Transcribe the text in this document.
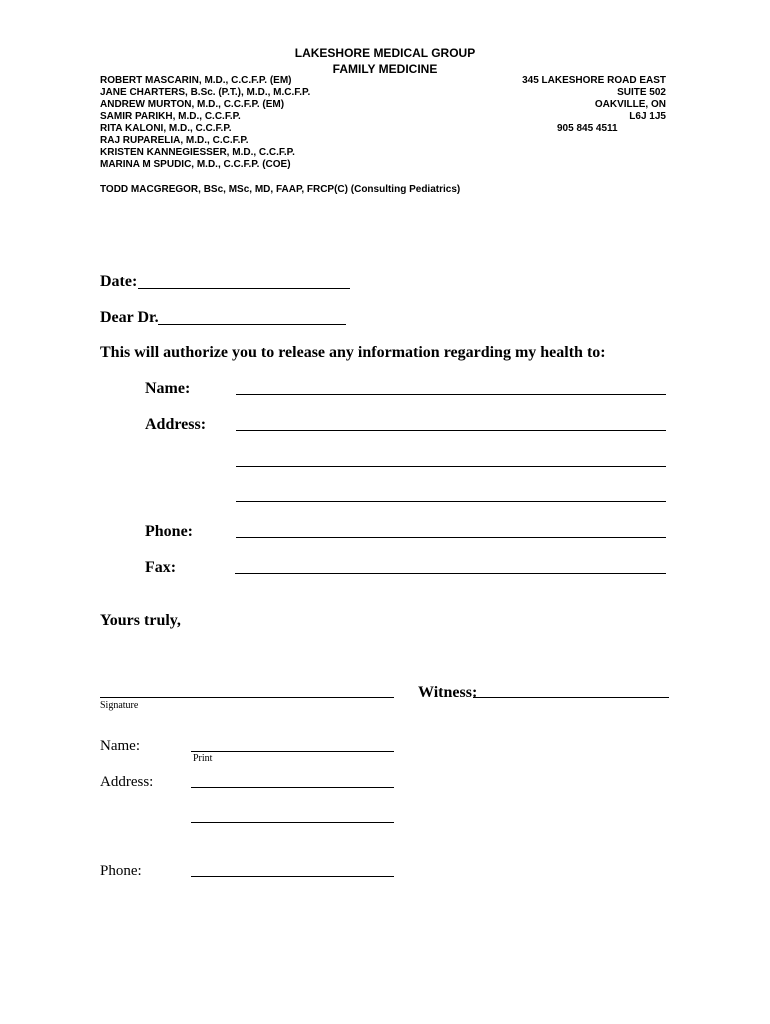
LAKESHORE MEDICAL GROUP
FAMILY MEDICINE
ROBERT MASCARIN, M.D., C.C.F.P. (EM)
JANE CHARTERS, B.Sc. (P.T.), M.D., M.C.F.P.
ANDREW MURTON, M.D., C.C.F.P. (EM)
SAMIR PARIKH, M.D., C.C.F.P.
RITA KALONI, M.D., C.C.F.P.
RAJ RUPARELIA, M.D., C.C.F.P.
KRISTEN KANNEGIESSER, M.D., C.C.F.P.
MARINA M SPUDIC, M.D., C.C.F.P. (COE)
TODD MACGREGOR, BSc, MSc, MD, FAAP, FRCP(C) (Consulting Pediatrics)
345 LAKESHORE ROAD EAST
SUITE 502
OAKVILLE, ON
L6J 1J5
905 845 4511
Date:
Dear Dr.
This will authorize you to release any information regarding my health to:
Name:
Address:
Phone:
Fax:
Yours truly,
Signature
Witness:
Name:
Print
Address:
Phone:
